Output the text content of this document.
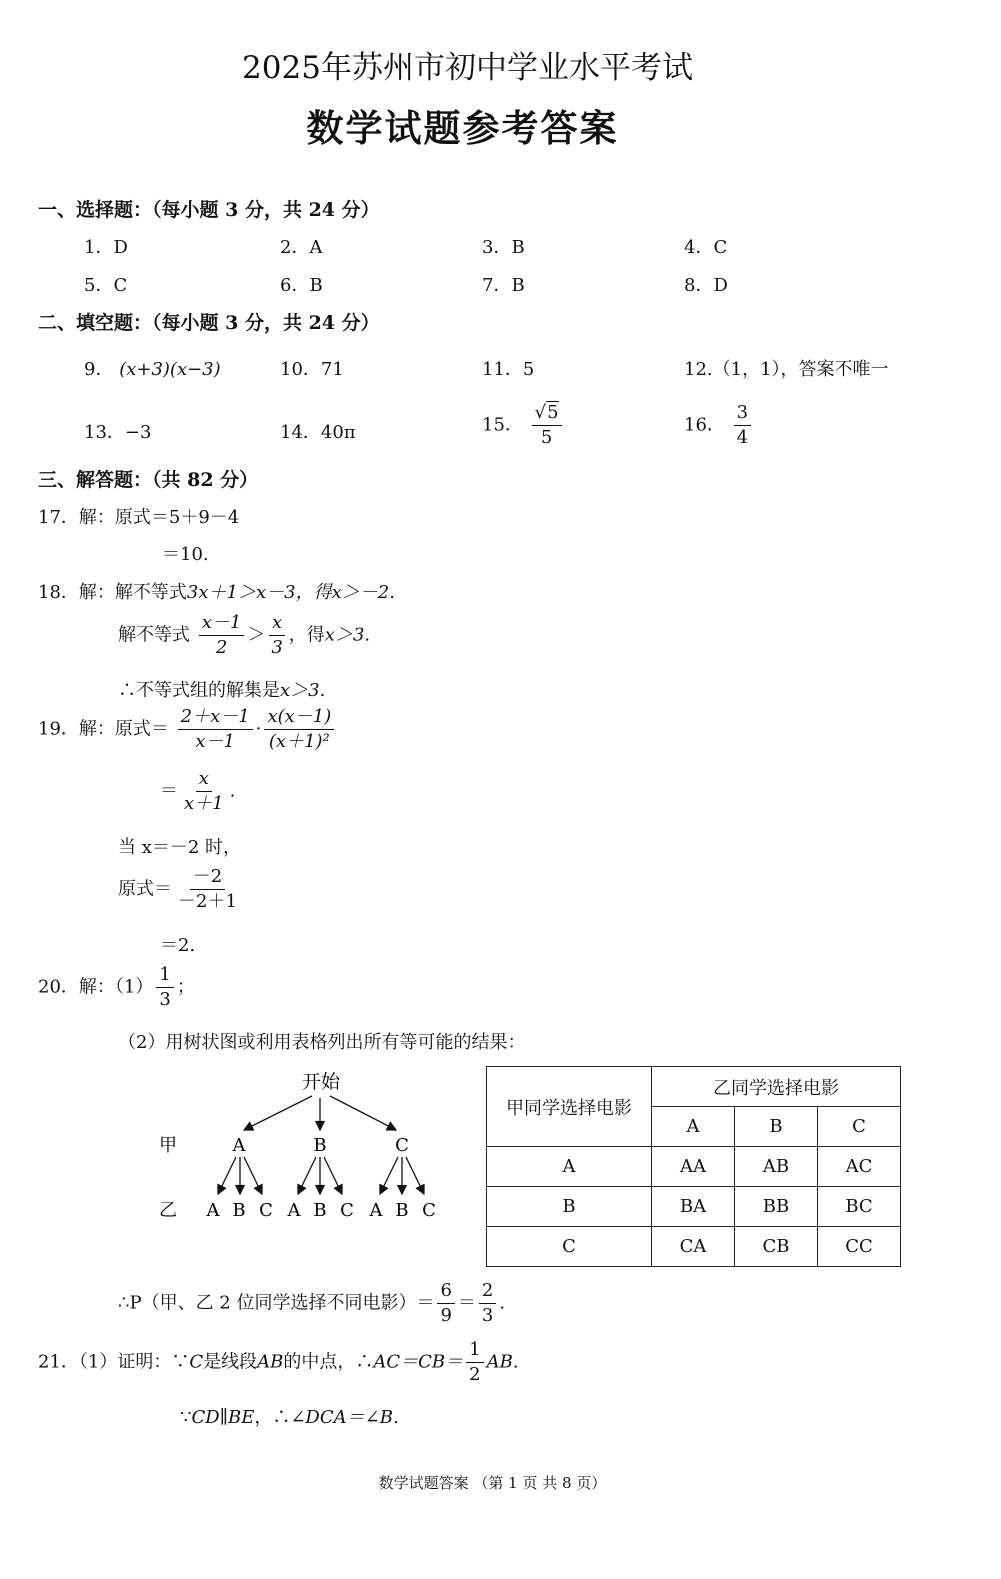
2025年苏州市初中学业水平考试
数学试题参考答案
一、选择题：（每小题 3 分，共 24 分）
1．D	2．A	3．B	4．C
5．C	6．B	7．B	8．D
二、填空题：（每小题 3 分，共 24 分）
9． (x+3)(x−3)	10．71	11．5	12.（1，1），答案不唯一
13．−3	14．40π	15． $\frac{√5}{5}$	16． $\frac{3}{4}$
三、解答题：（共 82 分）
17．解：原式＝5＋9－4
＝10.
18．解：解不等式3x＋1＞x－3，得x＞－2.
解不等式 $\frac{x-1}{2} > \frac{x}{3}$ ，得x＞3.
∴不等式组的解集是x＞3.
19．解：原式＝ $\frac{2+x-1}{x-1} \cdot \frac{x(x-1)}{\text{(x＋1)²}}$
＝ $\frac{x}{x+1}$ .
当 x＝－2 时，
原式＝ $\frac{-2}{-2+1}$
＝2.
20．解：$(1) \frac{1}{3}$ ；
（2）用树状图或利用表格列出所有等可能的结果：
开始
甲
乙
A	B	C
A B C A B C A B C
甲同学选择电影	乙同学选择电影		
	A	B	C
A	AA	AB	AC
B	BA	BB	BC
C	CA	CB	CC
∴P（甲、乙 2 位同学选择不同电影）＝ $\frac{6}{9} = \frac{2}{3}$ .
21．（1）证明：∵C是线段AB的中点，∴AC＝CB＝ $\frac{1}{2}$ AB.
∵CD∥BE，∴∠DCA＝∠B.
数学试题答案 （第 1 页 共 8 页）
